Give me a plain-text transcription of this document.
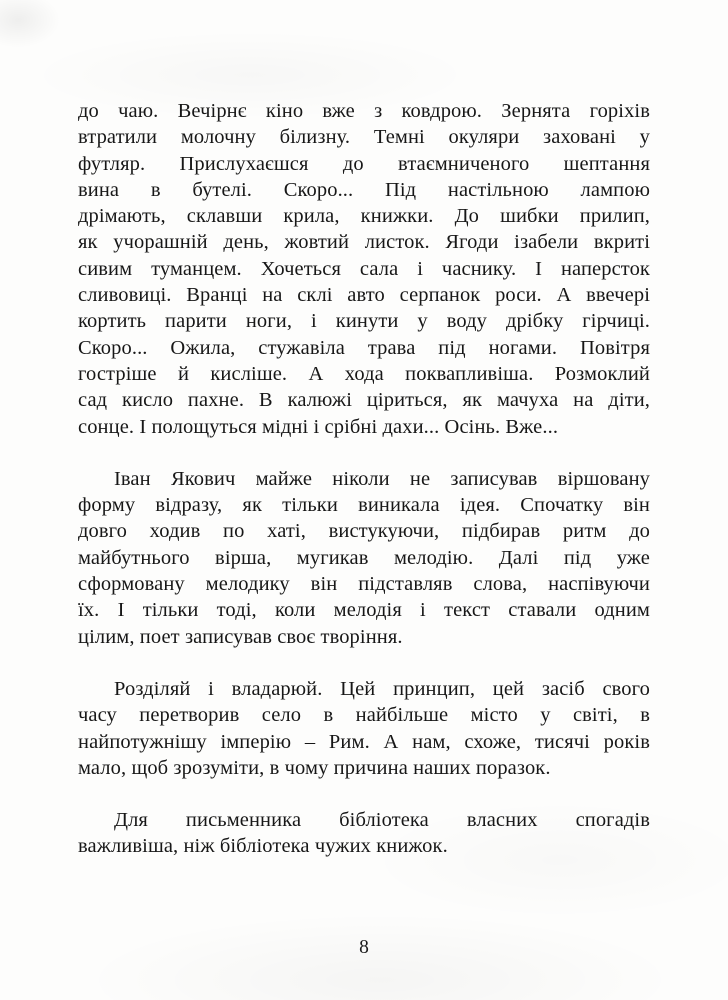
до чаю. Вечірнє кіно вже з ковдрою. Зернята горіхів
втратили молочну білизну. Темні окуляри заховані у
футляр. Прислухаєшся до втаємниченого шептання
вина в бутелі. Скоро... Під настільною лампою
дрімають, склавши крила, книжки. До шибки прилип,
як учорашній день, жовтий листок. Ягоди ізабели вкриті
сивим туманцем. Хочеться сала і часнику. І наперсток
сливовиці. Вранці на склі авто серпанок роси. А ввечері
кортить парити ноги, і кинути у воду дрібку гірчиці.
Скоро... Ожила, стужавіла трава під ногами. Повітря
гостріше й кисліше. А хода поквапливіша. Розмоклий
сад кисло пахне. В калюжі ціриться, як мачуха на діти,
сонце. І полощуться мідні і срібні дахи... Осінь. Вже...

Іван Якович майже ніколи не записував віршовану
форму відразу, як тільки виникала ідея. Спочатку він
довго ходив по хаті, вистукуючи, підбирав ритм до
майбутнього вірша, мугикав мелодію. Далі під уже
сформовану мелодику він підставляв слова, наспівуючи
їх. І тільки тоді, коли мелодія і текст ставали одним
цілим, поет записував своє творіння.

Розділяй і владарюй. Цей принцип, цей засіб свого
часу перетворив село в найбільше місто у світі, в
найпотужнішу імперію – Рим. А нам, схоже, тисячі років
мало, щоб зрозуміти, в чому причина наших поразок.

Для письменника бібліотека власних спогадів
важливіша, ніж бібліотека чужих книжок.

8
